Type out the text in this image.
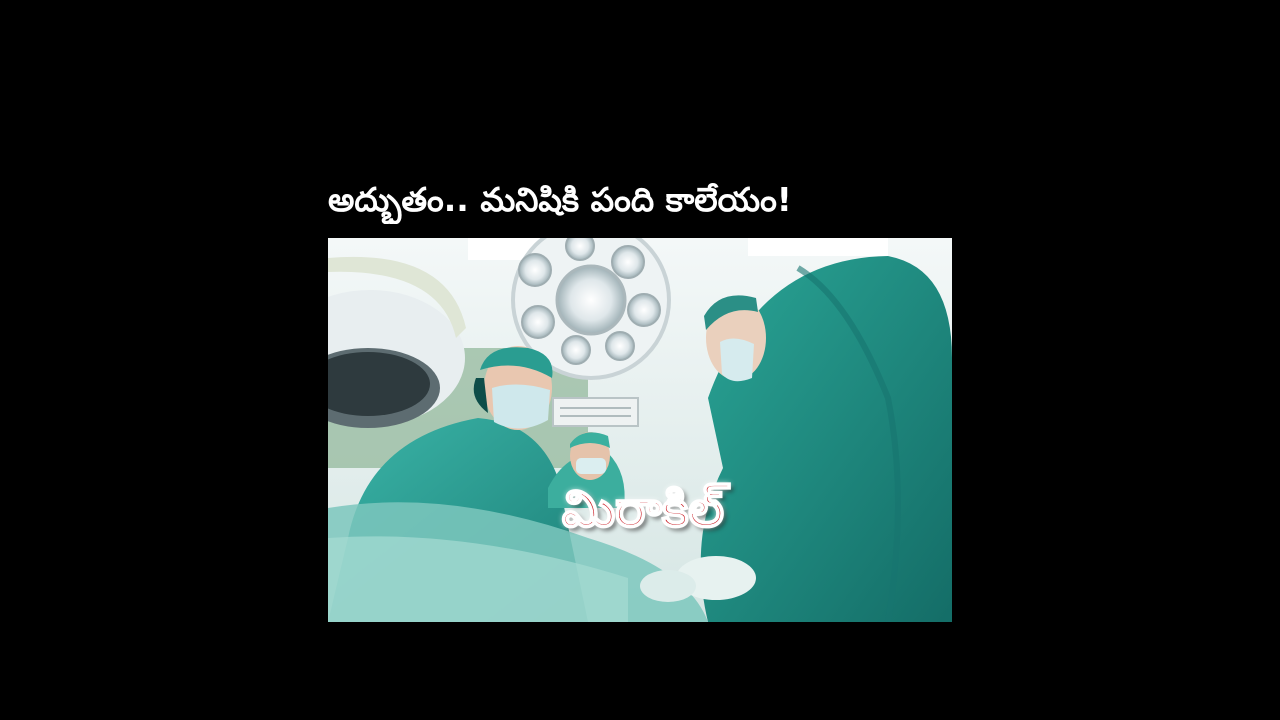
అద్భుతం.. మనిషికి పంది కాలేయం!
మిరాకిల్
